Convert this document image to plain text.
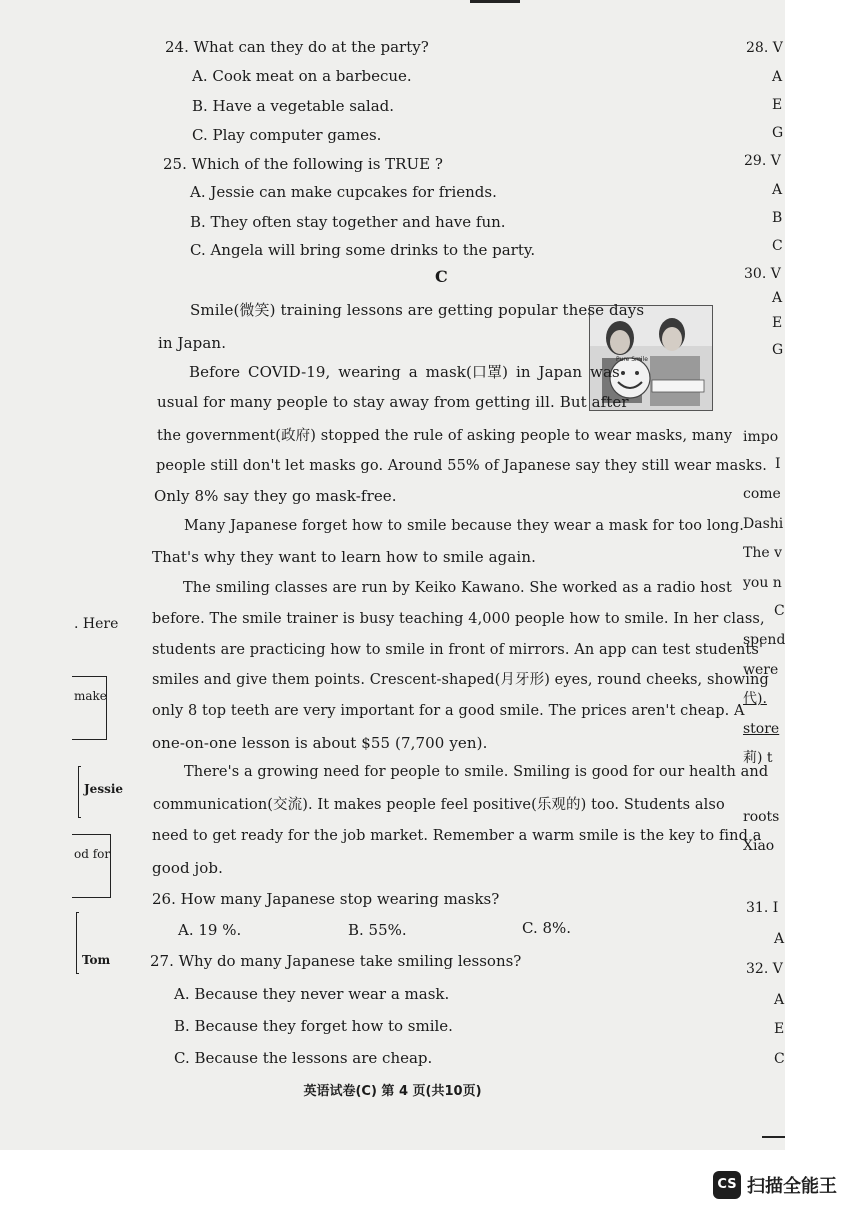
24. What can they do at the party?
A. Cook meat on a barbecue.
B. Have a vegetable salad.
C. Play computer games.
25. Which of the following is TRUE ?
A. Jessie can make cupcakes for friends.
B. They often stay together and have fun.
C. Angela will bring some drinks to the party.
C
Pure Smile
Smile(微笑) training lessons are getting popular these days
in Japan.
Before COVID-19, wearing a mask(口罩) in Japan was
usual for many people to stay away from getting ill. But after
the government(政府) stopped the rule of asking people to wear masks, many
people still don't let masks go. Around 55% of Japanese say they still wear masks.
Only 8% say they go mask-free.
Many Japanese forget how to smile because they wear a mask for too long.
That's why they want to learn how to smile again.
The smiling classes are run by Keiko Kawano. She worked as a radio host
before. The smile trainer is busy teaching 4,000 people how to smile. In her class,
students are practicing how to smile in front of mirrors. An app can test students'
smiles and give them points. Crescent-shaped(月牙形) eyes, round cheeks, showing
only 8 top teeth are very important for a good smile. The prices aren't cheap. A
one-on-one lesson is about $55 (7,700 yen).
There's a growing need for people to smile. Smiling is good for our health and
communication(交流). It makes people feel positive(乐观的) too. Students also
need to get ready for the job market. Remember a warm smile is the key to find a
good job.
26. How many Japanese stop wearing masks?
A. 19 %.	B. 55%.	C. 8%.
27. Why do many Japanese take smiling lessons?
A. Because they never wear a mask.
B. Because they forget how to smile.
C. Because the lessons are cheap.
英语试卷(C) 第 4 页(共10页)
. Here
make
Jessie
od for
Tom
28. V
A
E
G
29. V
A
B
C
30. V
A
E
G
impo
I
come
Dashi
The v
you n
C
spend
were
代).
store
莉) t
roots
Xiao
31. I
A
32. V
A
E
C
CS 扫描全能王
